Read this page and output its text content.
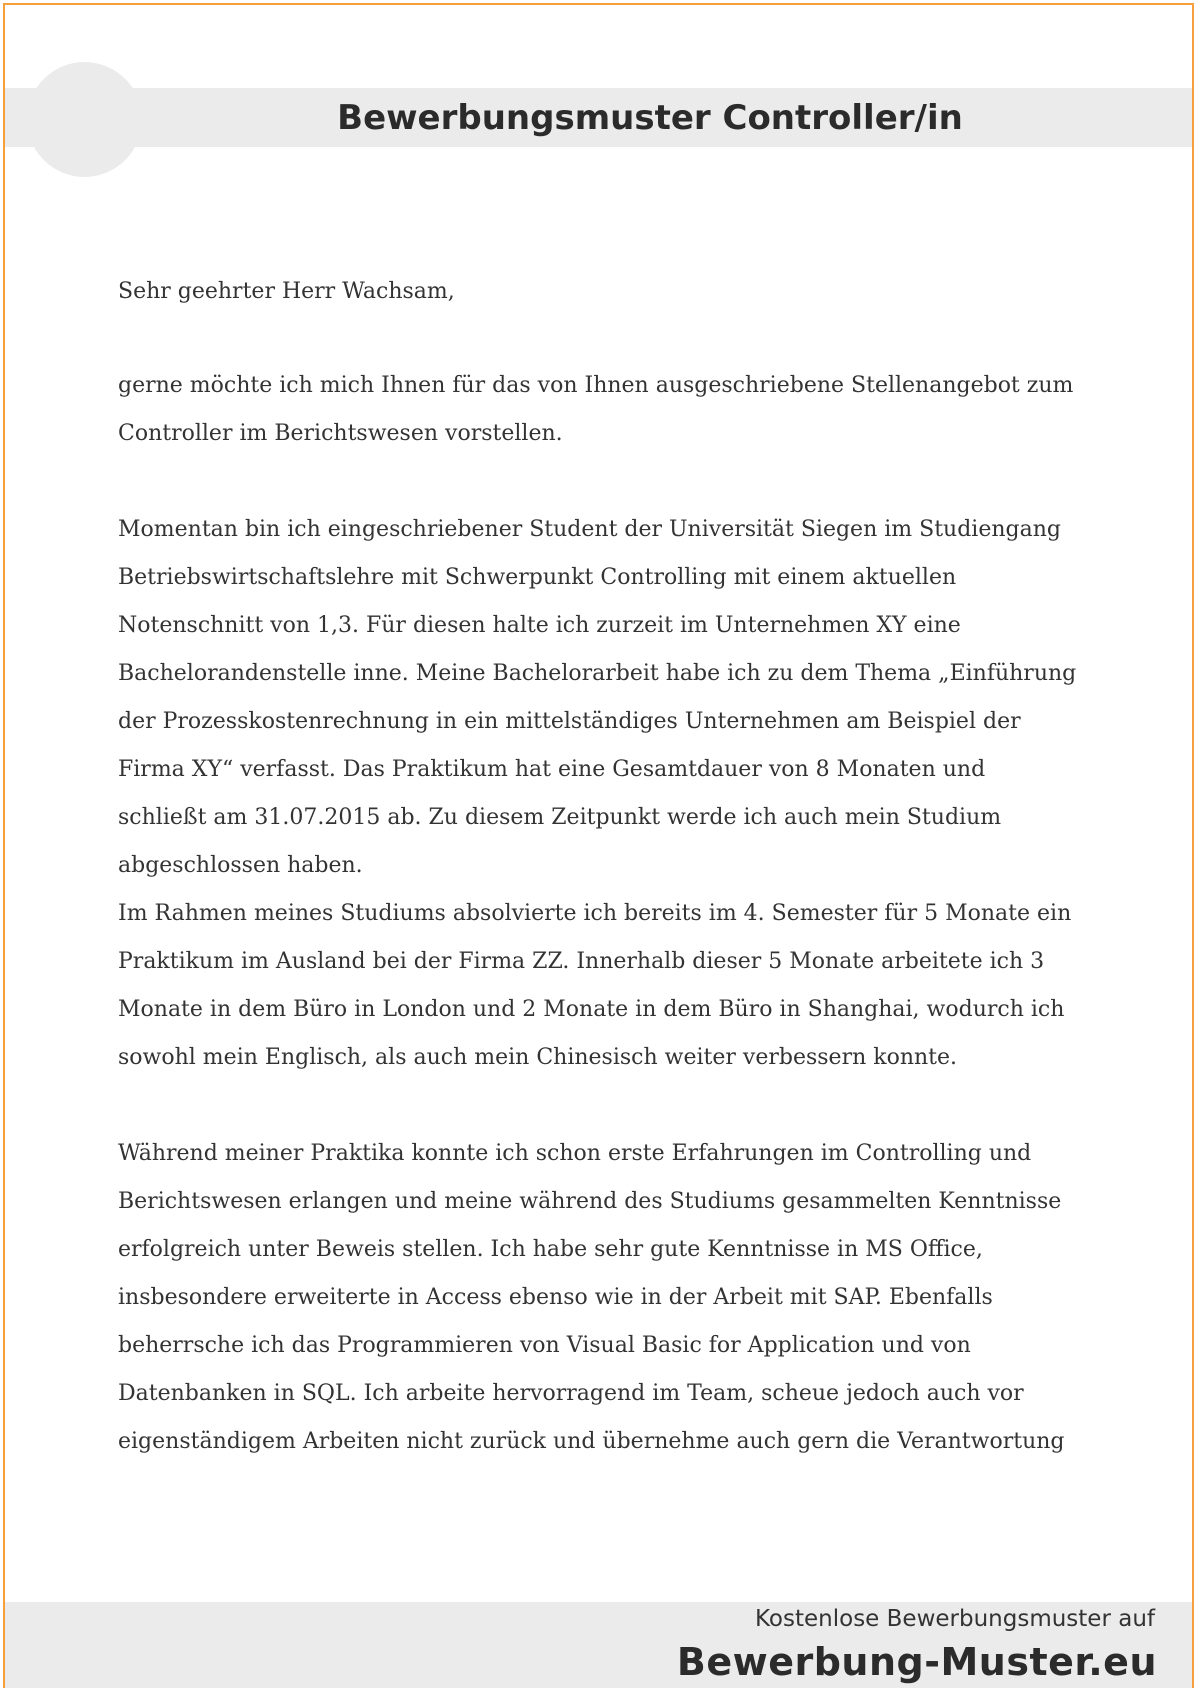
Bewerbungsmuster Controller/in

Sehr geehrter Herr Wachsam,

gerne möchte ich mich Ihnen für das von Ihnen ausgeschriebene Stellenangebot zum Controller im Berichtswesen vorstellen.

Momentan bin ich eingeschriebener Student der Universität Siegen im Studiengang Betriebswirtschaftslehre mit Schwerpunkt Controlling mit einem aktuellen Notenschnitt von 1,3. Für diesen halte ich zurzeit im Unternehmen XY eine Bachelorandenstelle inne. Meine Bachelorarbeit habe ich zu dem Thema „Einführung der Prozesskostenrechnung in ein mittelständiges Unternehmen am Beispiel der Firma XY“ verfasst. Das Praktikum hat eine Gesamtdauer von 8 Monaten und schließt am 31.07.2015 ab. Zu diesem Zeitpunkt werde ich auch mein Studium abgeschlossen haben.

Im Rahmen meines Studiums absolvierte ich bereits im 4. Semester für 5 Monate ein Praktikum im Ausland bei der Firma ZZ. Innerhalb dieser 5 Monate arbeitete ich 3 Monate in dem Büro in London und 2 Monate in dem Büro in Shanghai, wodurch ich sowohl mein Englisch, als auch mein Chinesisch weiter verbessern konnte.

Während meiner Praktika konnte ich schon erste Erfahrungen im Controlling und Berichtswesen erlangen und meine während des Studiums gesammelten Kenntnisse erfolgreich unter Beweis stellen. Ich habe sehr gute Kenntnisse in MS Office, insbesondere erweiterte in Access ebenso wie in der Arbeit mit SAP. Ebenfalls beherrsche ich das Programmieren von Visual Basic for Application und von Datenbanken in SQL. Ich arbeite hervorragend im Team, scheue jedoch auch vor eigenständigem Arbeiten nicht zurück und übernehme auch gern die Verantwortung

Kostenlose Bewerbungsmuster auf

Bewerbung-Muster.eu
